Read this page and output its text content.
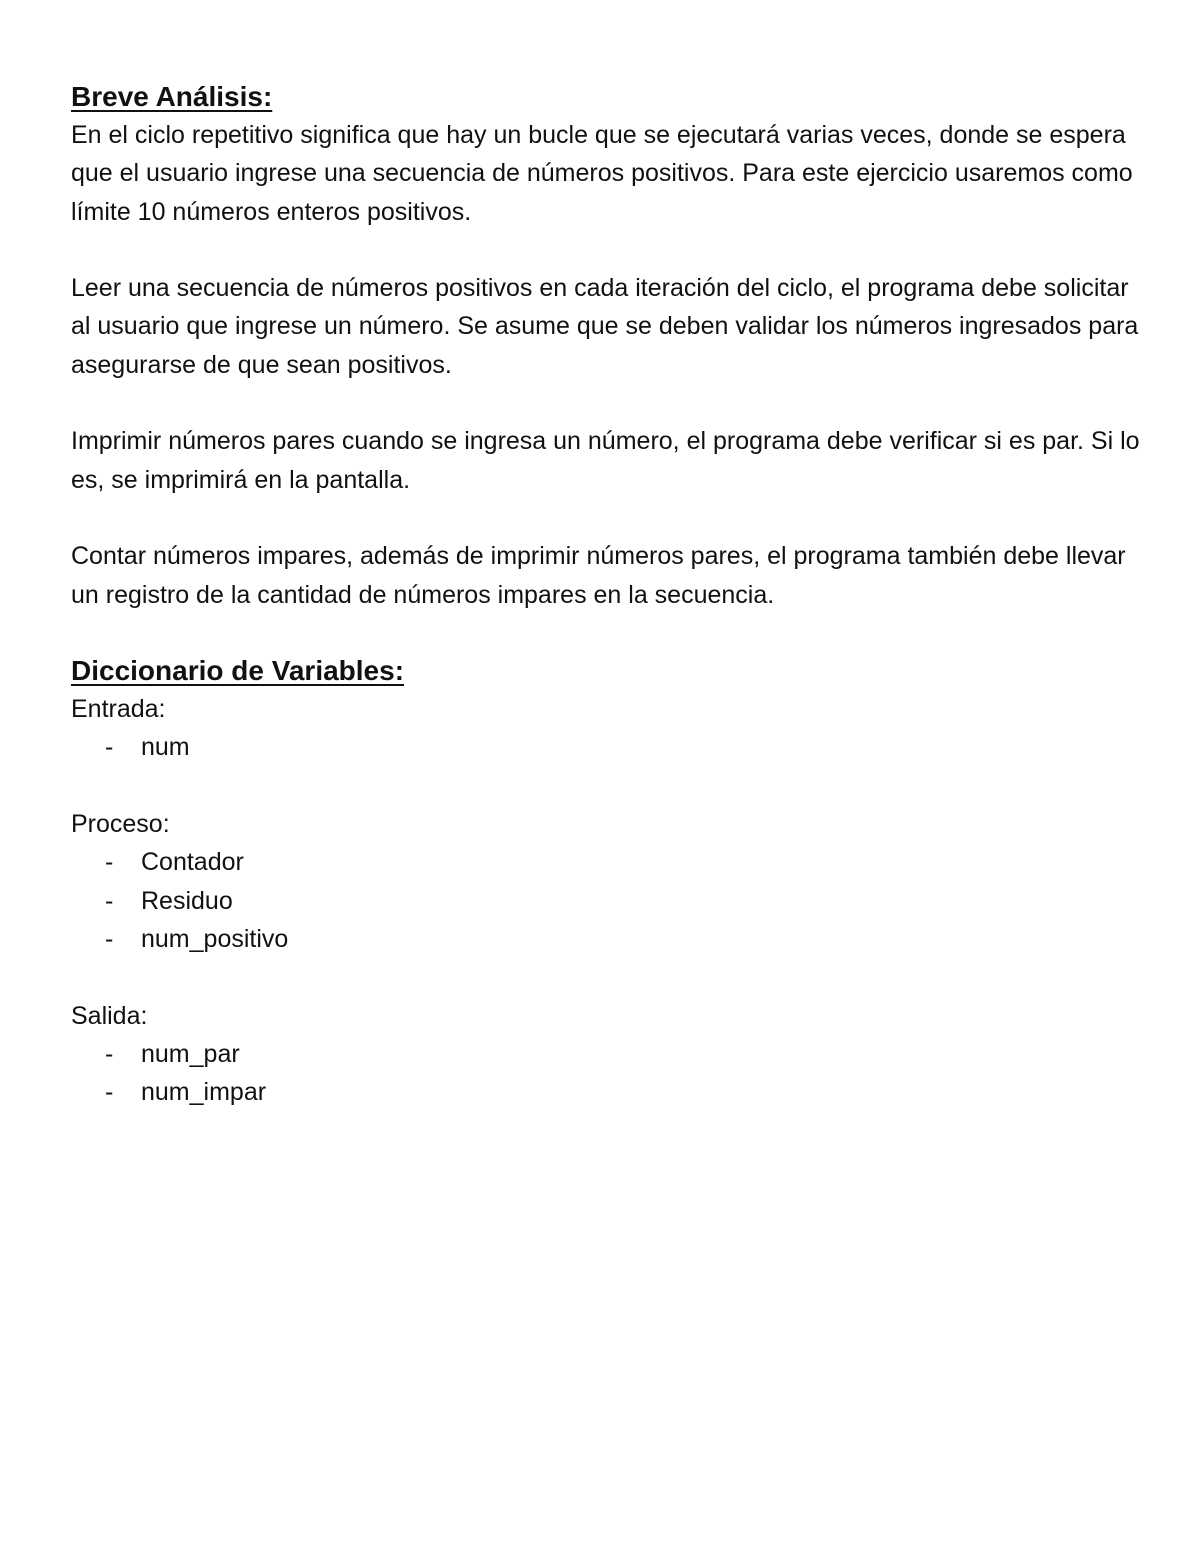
Breve Análisis:

En el ciclo repetitivo significa que hay un bucle que se ejecutará varias veces, donde se espera que el usuario ingrese una secuencia de números positivos. Para este ejercicio usaremos como límite 10 números enteros positivos.

Leer una secuencia de números positivos en cada iteración del ciclo, el programa debe solicitar al usuario que ingrese un número. Se asume que se deben validar los números ingresados para asegurarse de que sean positivos.

Imprimir números pares cuando se ingresa un número, el programa debe verificar si es par. Si lo es, se imprimirá en la pantalla.

Contar números impares, además de imprimir números pares, el programa también debe llevar un registro de la cantidad de números impares en la secuencia.

Diccionario de Variables:

Entrada:

- num

Proceso:

- Contador
- Residuo
- num_positivo

Salida:

- num_par
- num_impar
